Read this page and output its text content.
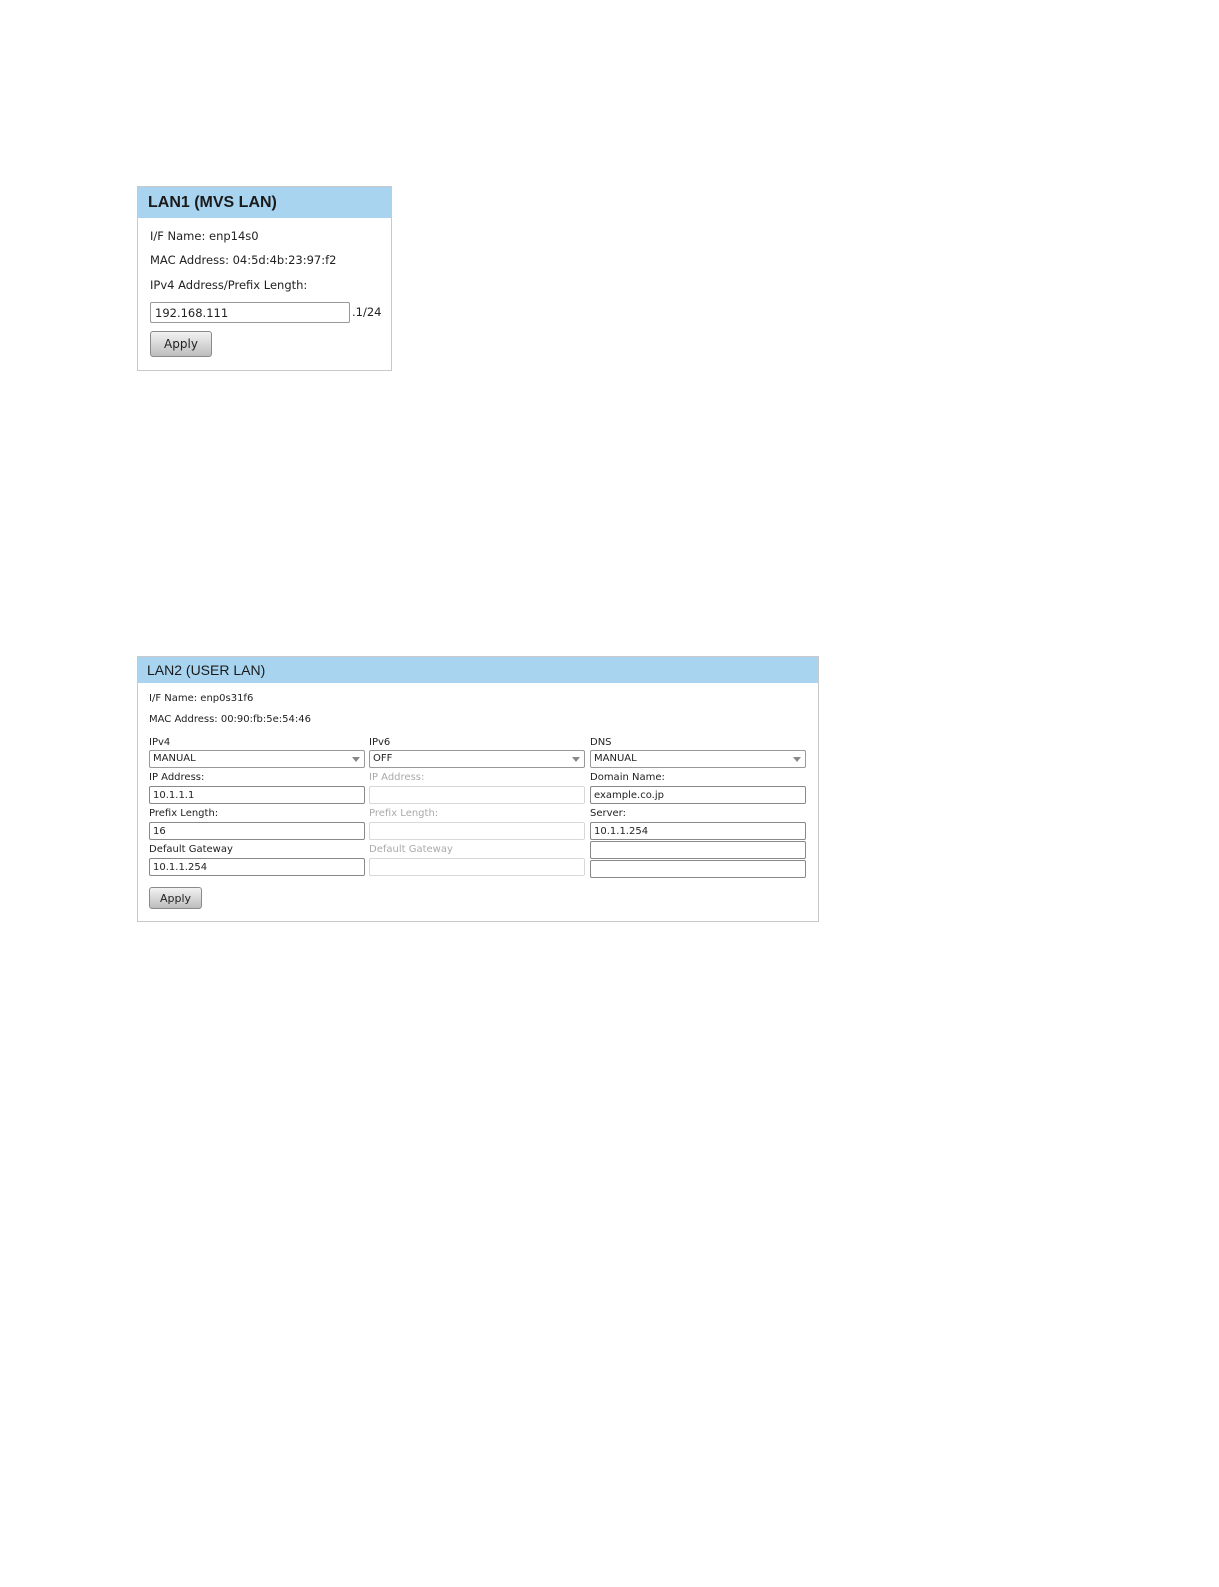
LAN1 (MVS LAN)
I/F Name: enp14s0
MAC Address: 04:5d:4b:23:97:f2
IPv4 Address/Prefix Length:
192.168.111
.1/24
Apply
LAN2 (USER LAN)
I/F Name: enp0s31f6
MAC Address: 00:90:fb:5e:54:46
IPv4
MANUAL
IP Address:
10.1.1.1
Prefix Length:
16
Default Gateway
10.1.1.254
IPv6
OFF
IP Address:
Prefix Length:
Default Gateway
DNS
MANUAL
Domain Name:
example.co.jp
Server:
10.1.1.254
Apply
